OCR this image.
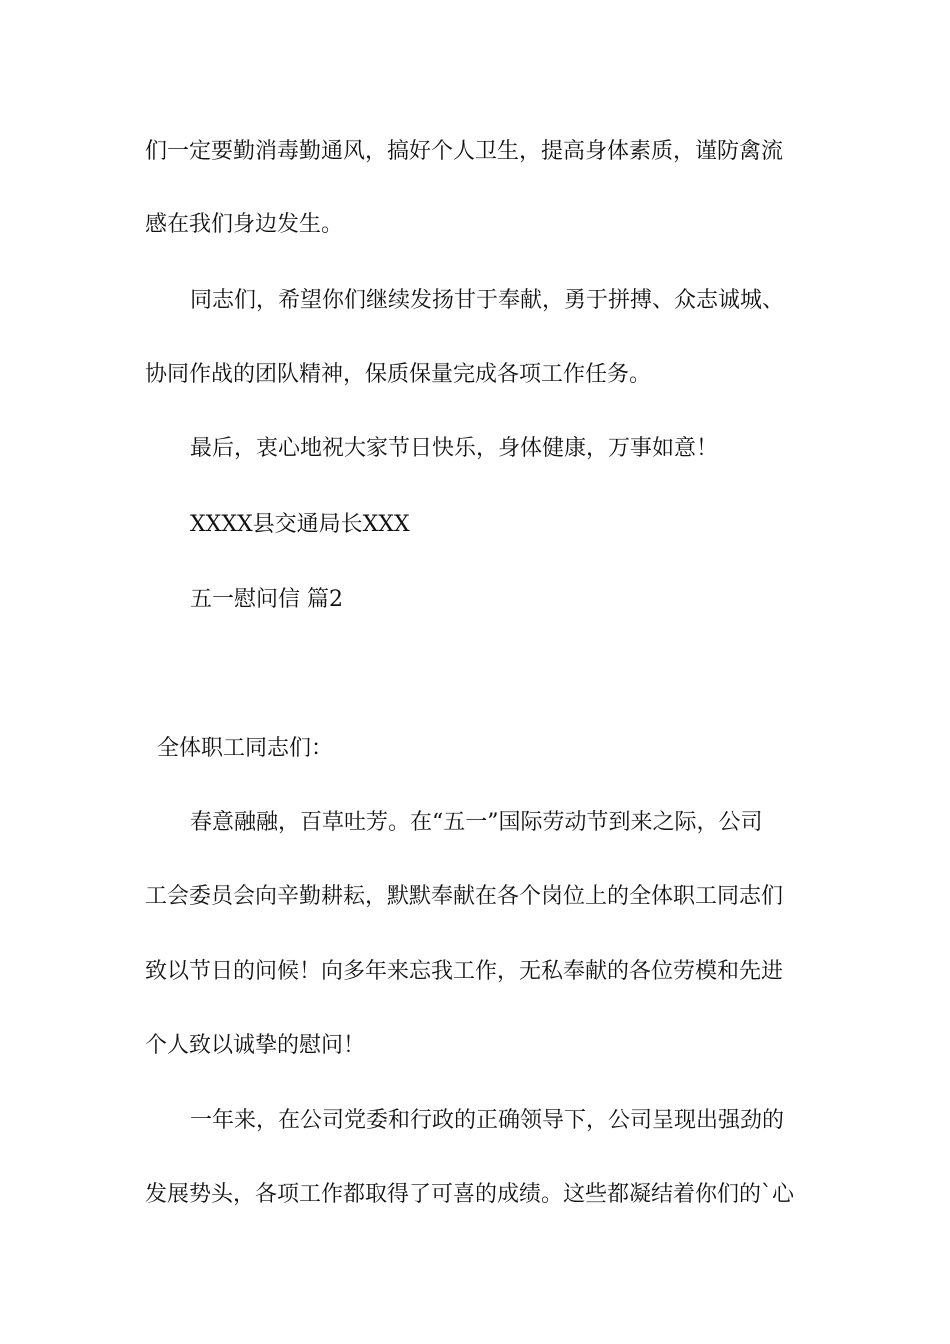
们一定要勤消毒勤通风，搞好个人卫生，提高身体素质，谨防禽流

感在我们身边发生。

同志们，希望你们继续发扬甘于奉献，勇于拼搏、众志诚城、

协同作战的团队精神，保质保量完成各项工作任务。

最后，衷心地祝大家节日快乐，身体健康，万事如意！

XXXX县交通局长XXX

五一慰问信 篇2

全体职工同志们：

春意融融，百草吐芳。在“五一”国际劳动节到来之际，公司

工会委员会向辛勤耕耘，默默奉献在各个岗位上的全体职工同志们

致以节日的问候！向多年来忘我工作，无私奉献的各位劳模和先进

个人致以诚挚的慰问！

一年来，在公司党委和行政的正确领导下，公司呈现出强劲的

发展势头，各项工作都取得了可喜的成绩。这些都凝结着你们的`心
